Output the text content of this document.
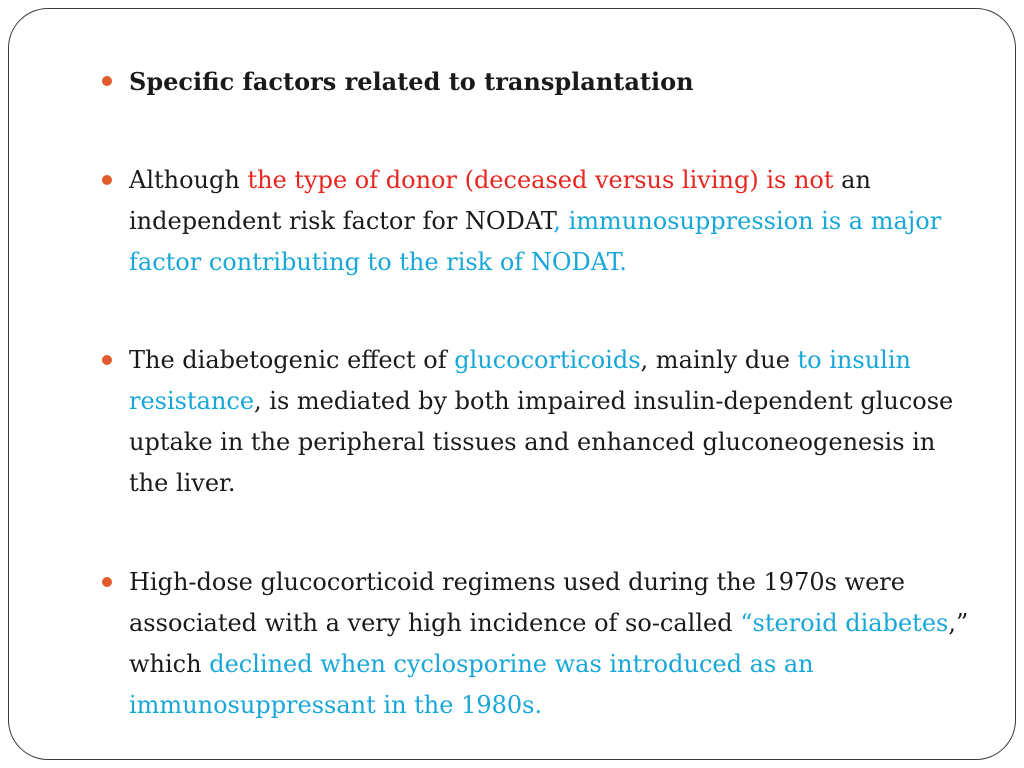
Specific factors related to transplantation

Although the type of donor (deceased versus living) is not an independent risk factor for NODAT, immunosuppression is a major factor contributing to the risk of NODAT.

The diabetogenic effect of glucocorticoids, mainly due to insulin resistance, is mediated by both impaired insulin-dependent glucose uptake in the peripheral tissues and enhanced gluconeogenesis in the liver.

High-dose glucocorticoid regimens used during the 1970s were associated with a very high incidence of so-called “steroid diabetes,” which declined when cyclosporine was introduced as an immunosuppressant in the 1980s.
